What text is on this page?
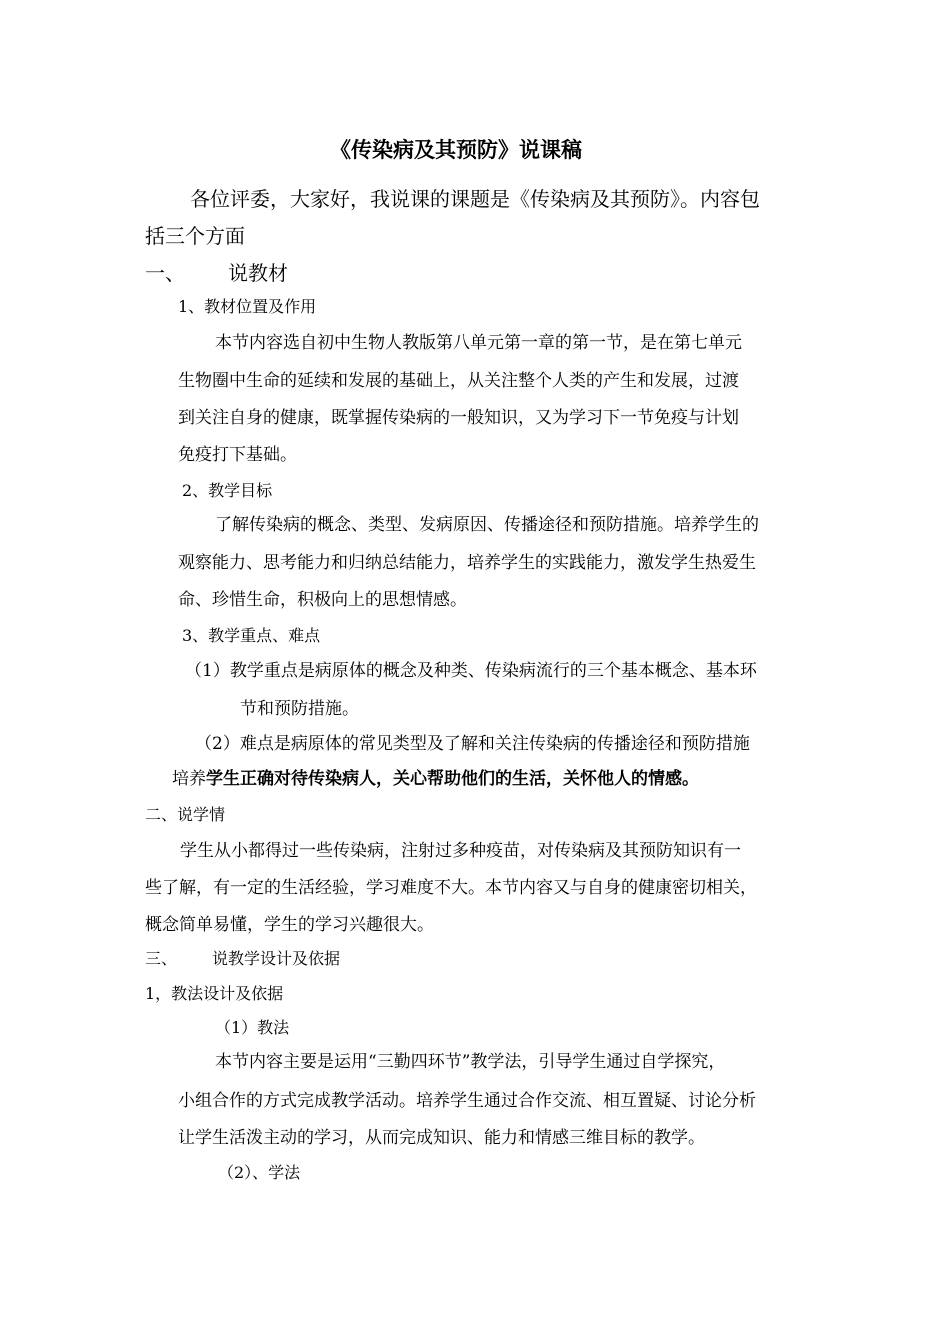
《传染病及其预防》说课稿
各位评委，大家好，我说课的课题是《传染病及其预防》。内容包
括三个方面
一、 说教材
1、教材位置及作用
本节内容选自初中生物人教版第八单元第一章的第一节，是在第七单元
生物圈中生命的延续和发展的基础上，从关注整个人类的产生和发展，过渡
到关注自身的健康，既掌握传染病的一般知识，又为学习下一节免疫与计划
免疫打下基础。
2、教学目标
了解传染病的概念、类型、发病原因、传播途径和预防措施。培养学生的
观察能力、思考能力和归纳总结能力，培养学生的实践能力，激发学生热爱生
命、珍惜生命，积极向上的思想情感。
3、教学重点、难点
（1）教学重点是病原体的概念及种类、传染病流行的三个基本概念、基本环
节和预防措施。
（2）难点是病原体的常见类型及了解和关注传染病的传播途径和预防措施
培养学生正确对待传染病人，关心帮助他们的生活，关怀他人的情感。
二、说学情
学生从小都得过一些传染病，注射过多种疫苗，对传染病及其预防知识有一
些了解，有一定的生活经验，学习难度不大。本节内容又与自身的健康密切相关，
概念简单易懂，学生的学习兴趣很大。
三、 说教学设计及依据
1，教法设计及依据
（1）教法
本节内容主要是运用“三勤四环节”教学法，引导学生通过自学探究，
小组合作的方式完成教学活动。培养学生通过合作交流、相互置疑、讨论分析
让学生活泼主动的学习，从而完成知识、能力和情感三维目标的教学。
（2）、学法
